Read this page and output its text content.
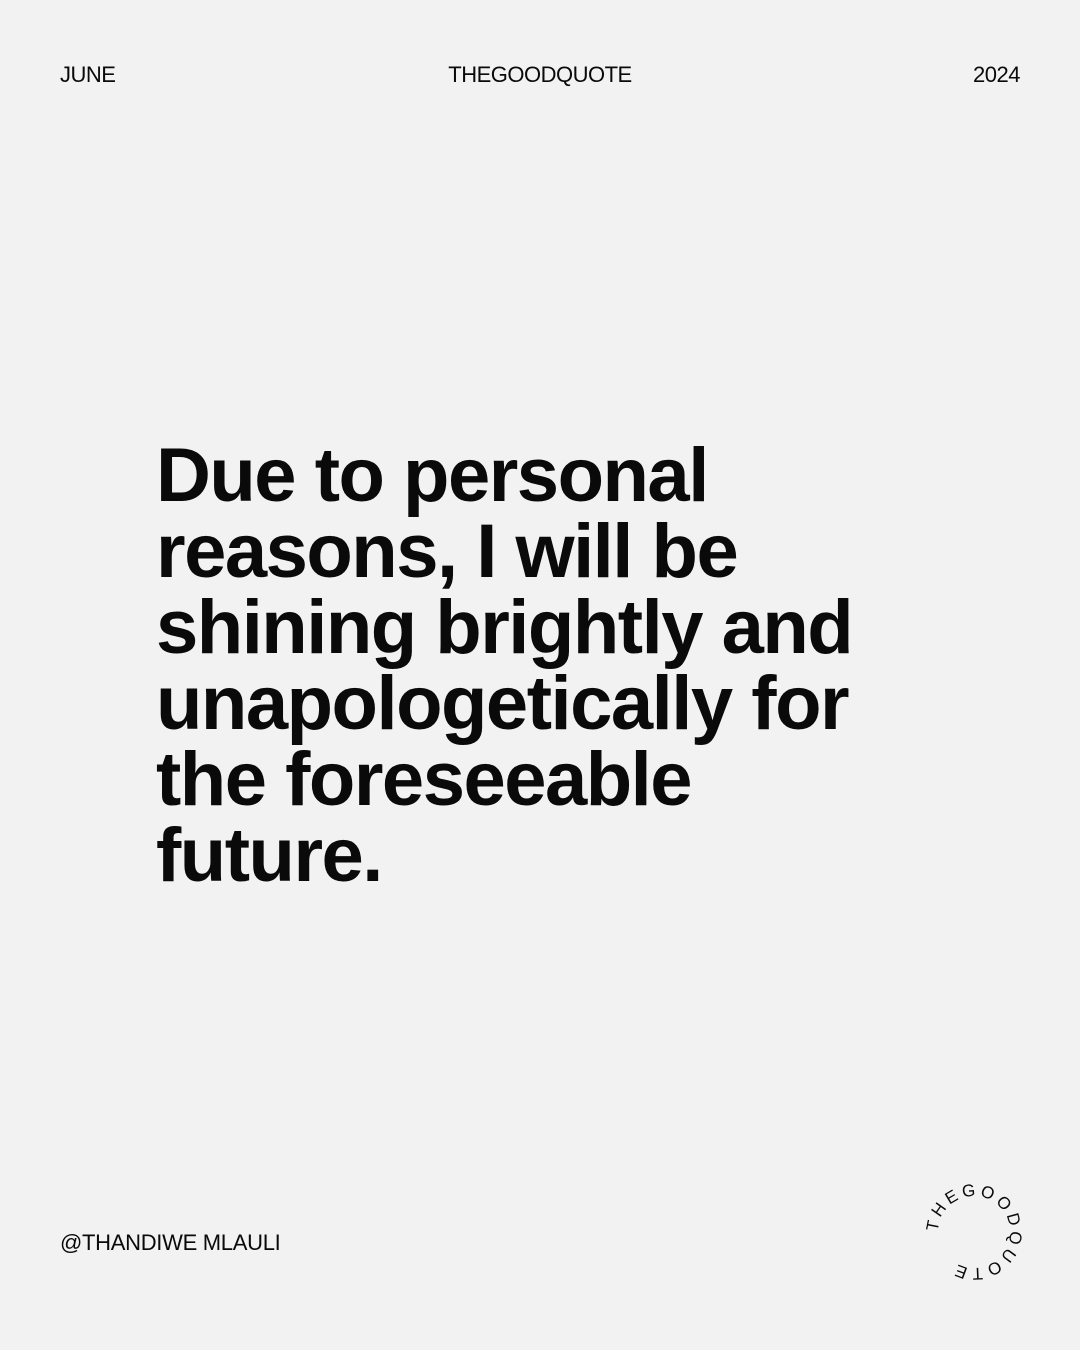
JUNE	THEGOODQUOTE	2024

Due to personal reasons, I will be shining brightly and unapologetically for the foreseeable future.

@THANDIWE MLAULI
THEGOODQUOTE
